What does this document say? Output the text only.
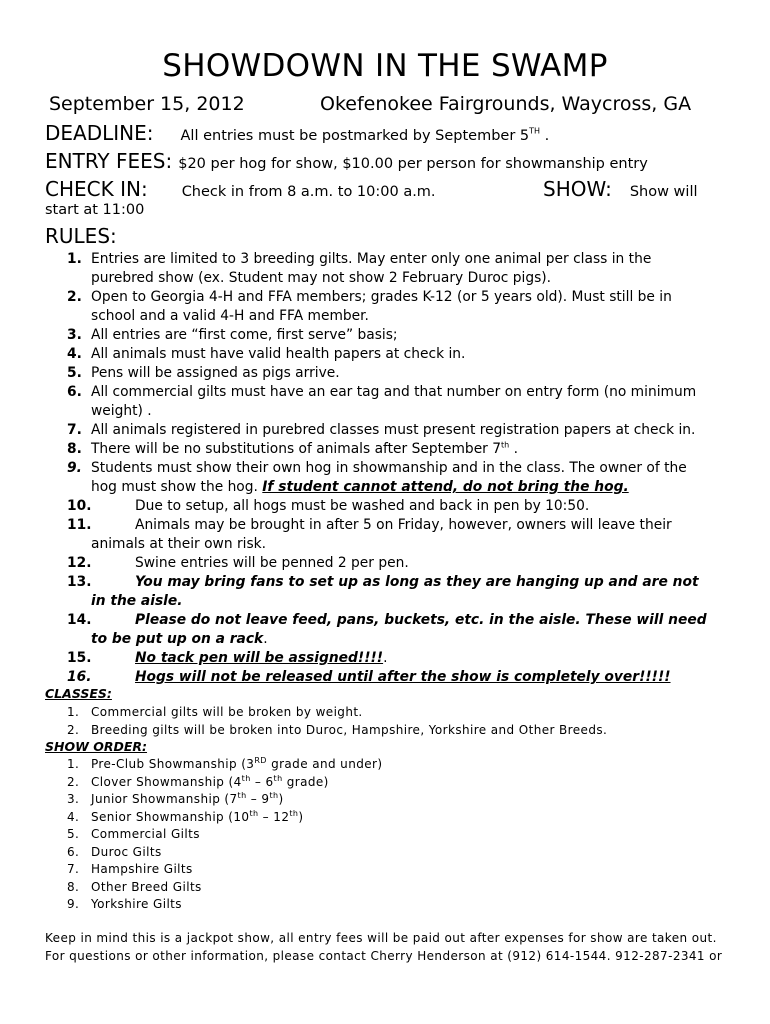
SHOWDOWN IN THE SWAMP
September 15, 2012	Okefenokee Fairgrounds, Waycross, GA
DEADLINE: All entries must be postmarked by September 5TH .
ENTRY FEES: $20 per hog for show, $10.00 per person for showmanship entry
CHECK IN: Check in from 8 a.m. to 10:00 a.m.	SHOW: Show will
start at 11:00
RULES:
1. Entries are limited to 3 breeding gilts. May enter only one animal per class in the
purebred show (ex. Student may not show 2 February Duroc pigs).
2. Open to Georgia 4-H and FFA members; grades K-12 (or 5 years old). Must still be in
school and a valid 4-H and FFA member.
3. All entries are “first come, first serve” basis;
4. All animals must have valid health papers at check in.
5. Pens will be assigned as pigs arrive.
6. All commercial gilts must have an ear tag and that number on entry form (no minimum
weight) .
7. All animals registered in purebred classes must present registration papers at check in.
8. There will be no substitutions of animals after September 7th .
9. Students must show their own hog in showmanship and in the class. The owner of the
hog must show the hog. If student cannot attend, do not bring the hog.
10.	Due to setup, all hogs must be washed and back in pen by 10:50.
11.	Animals may be brought in after 5 on Friday, however, owners will leave their
animals at their own risk.
12.	Swine entries will be penned 2 per pen.
13.	You may bring fans to set up as long as they are hanging up and are not
in the aisle.
14.	Please do not leave feed, pans, buckets, etc. in the aisle. These will need
to be put up on a rack.
15.	No tack pen will be assigned!!!!.
16.	Hogs will not be released until after the show is completely over!!!!!
CLASSES:
1. Commercial gilts will be broken by weight.
2. Breeding gilts will be broken into Duroc, Hampshire, Yorkshire and Other Breeds.
SHOW ORDER:
1. Pre-Club Showmanship (3RD grade and under)
2. Clover Showmanship (4th – 6th grade)
3. Junior Showmanship (7th – 9th)
4. Senior Showmanship (10th – 12th)
5. Commercial Gilts
6. Duroc Gilts
7. Hampshire Gilts
8. Other Breed Gilts
9. Yorkshire Gilts
Keep in mind this is a jackpot show, all entry fees will be paid out after expenses for show are taken out.
For questions or other information, please contact Cherry Henderson at (912) 614-1544. 912-287-2341 or
